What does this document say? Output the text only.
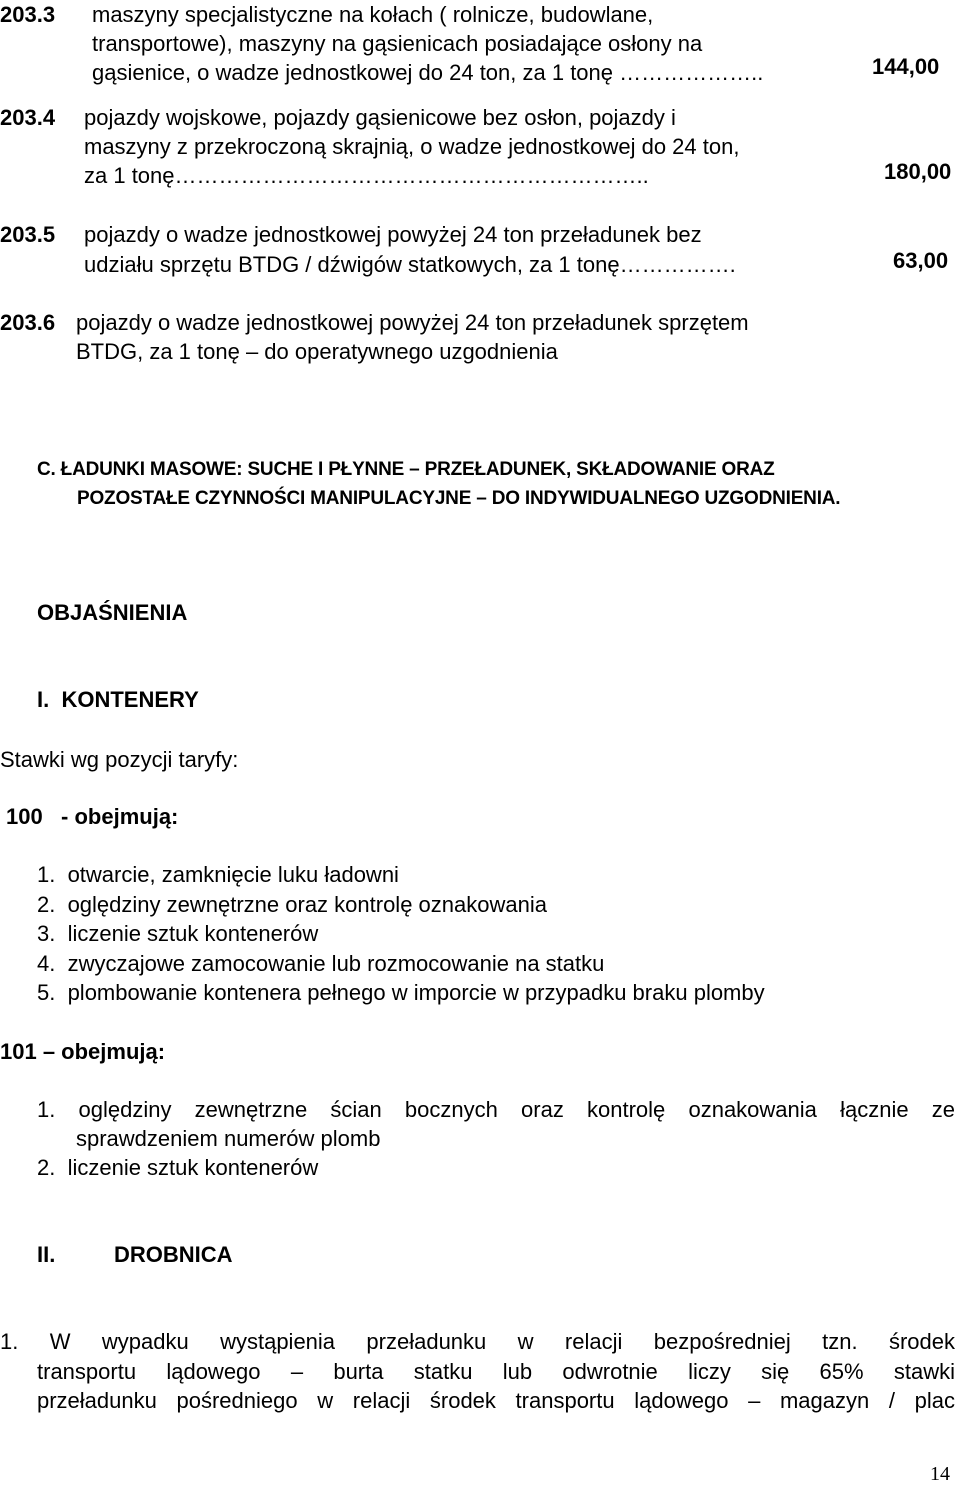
203.3 maszyny specjalistyczne na kołach ( rolnicze, budowlane,
transportowe), maszyny na gąsienicach posiadające osłony na
gąsienice, o wadze jednostkowej do 24 ton, za 1 tonę ………………..	144,00
203.4 pojazdy wojskowe, pojazdy gąsienicowe bez osłon, pojazdy i
maszyny z przekroczoną skrajnią, o wadze jednostkowej do 24 ton,
za 1 tonę………………………………………………………..	180,00
203.5 pojazdy o wadze jednostkowej powyżej 24 ton przeładunek bez
udziału sprzętu BTDG / dźwigów statkowych, za 1 tonę…………….	63,00
203.6 pojazdy o wadze jednostkowej powyżej 24 ton przeładunek sprzętem
BTDG, za 1 tonę – do operatywnego uzgodnienia
C. ŁADUNKI MASOWE: SUCHE I PŁYNNE – PRZEŁADUNEK, SKŁADOWANIE ORAZ
POZOSTAŁE CZYNNOŚCI MANIPULACYJNE – DO INDYWIDUALNEGO UZGODNIENIA.
OBJAŚNIENIA
I.  KONTENERY
Stawki wg pozycji taryfy:
100   - obejmują:
1.  otwarcie, zamknięcie luku ładowni
2.  oględziny zewnętrzne oraz kontrolę oznakowania
3.  liczenie sztuk kontenerów
4.  zwyczajowe zamocowanie lub rozmocowanie na statku
5.  plombowanie kontenera pełnego w imporcie w przypadku braku plomby
101 – obejmują:
1. oględziny zewnętrzne ścian bocznych oraz kontrolę oznakowania łącznie ze
sprawdzeniem numerów plomb
2.  liczenie sztuk kontenerów
II.	DROBNICA
1. W wypadku wystąpienia przeładunku w relacji bezpośredniej tzn. środek
transportu lądowego – burta statku lub odwrotnie liczy się 65% stawki
przeładunku pośredniego w relacji środek transportu lądowego – magazyn / plac
14
